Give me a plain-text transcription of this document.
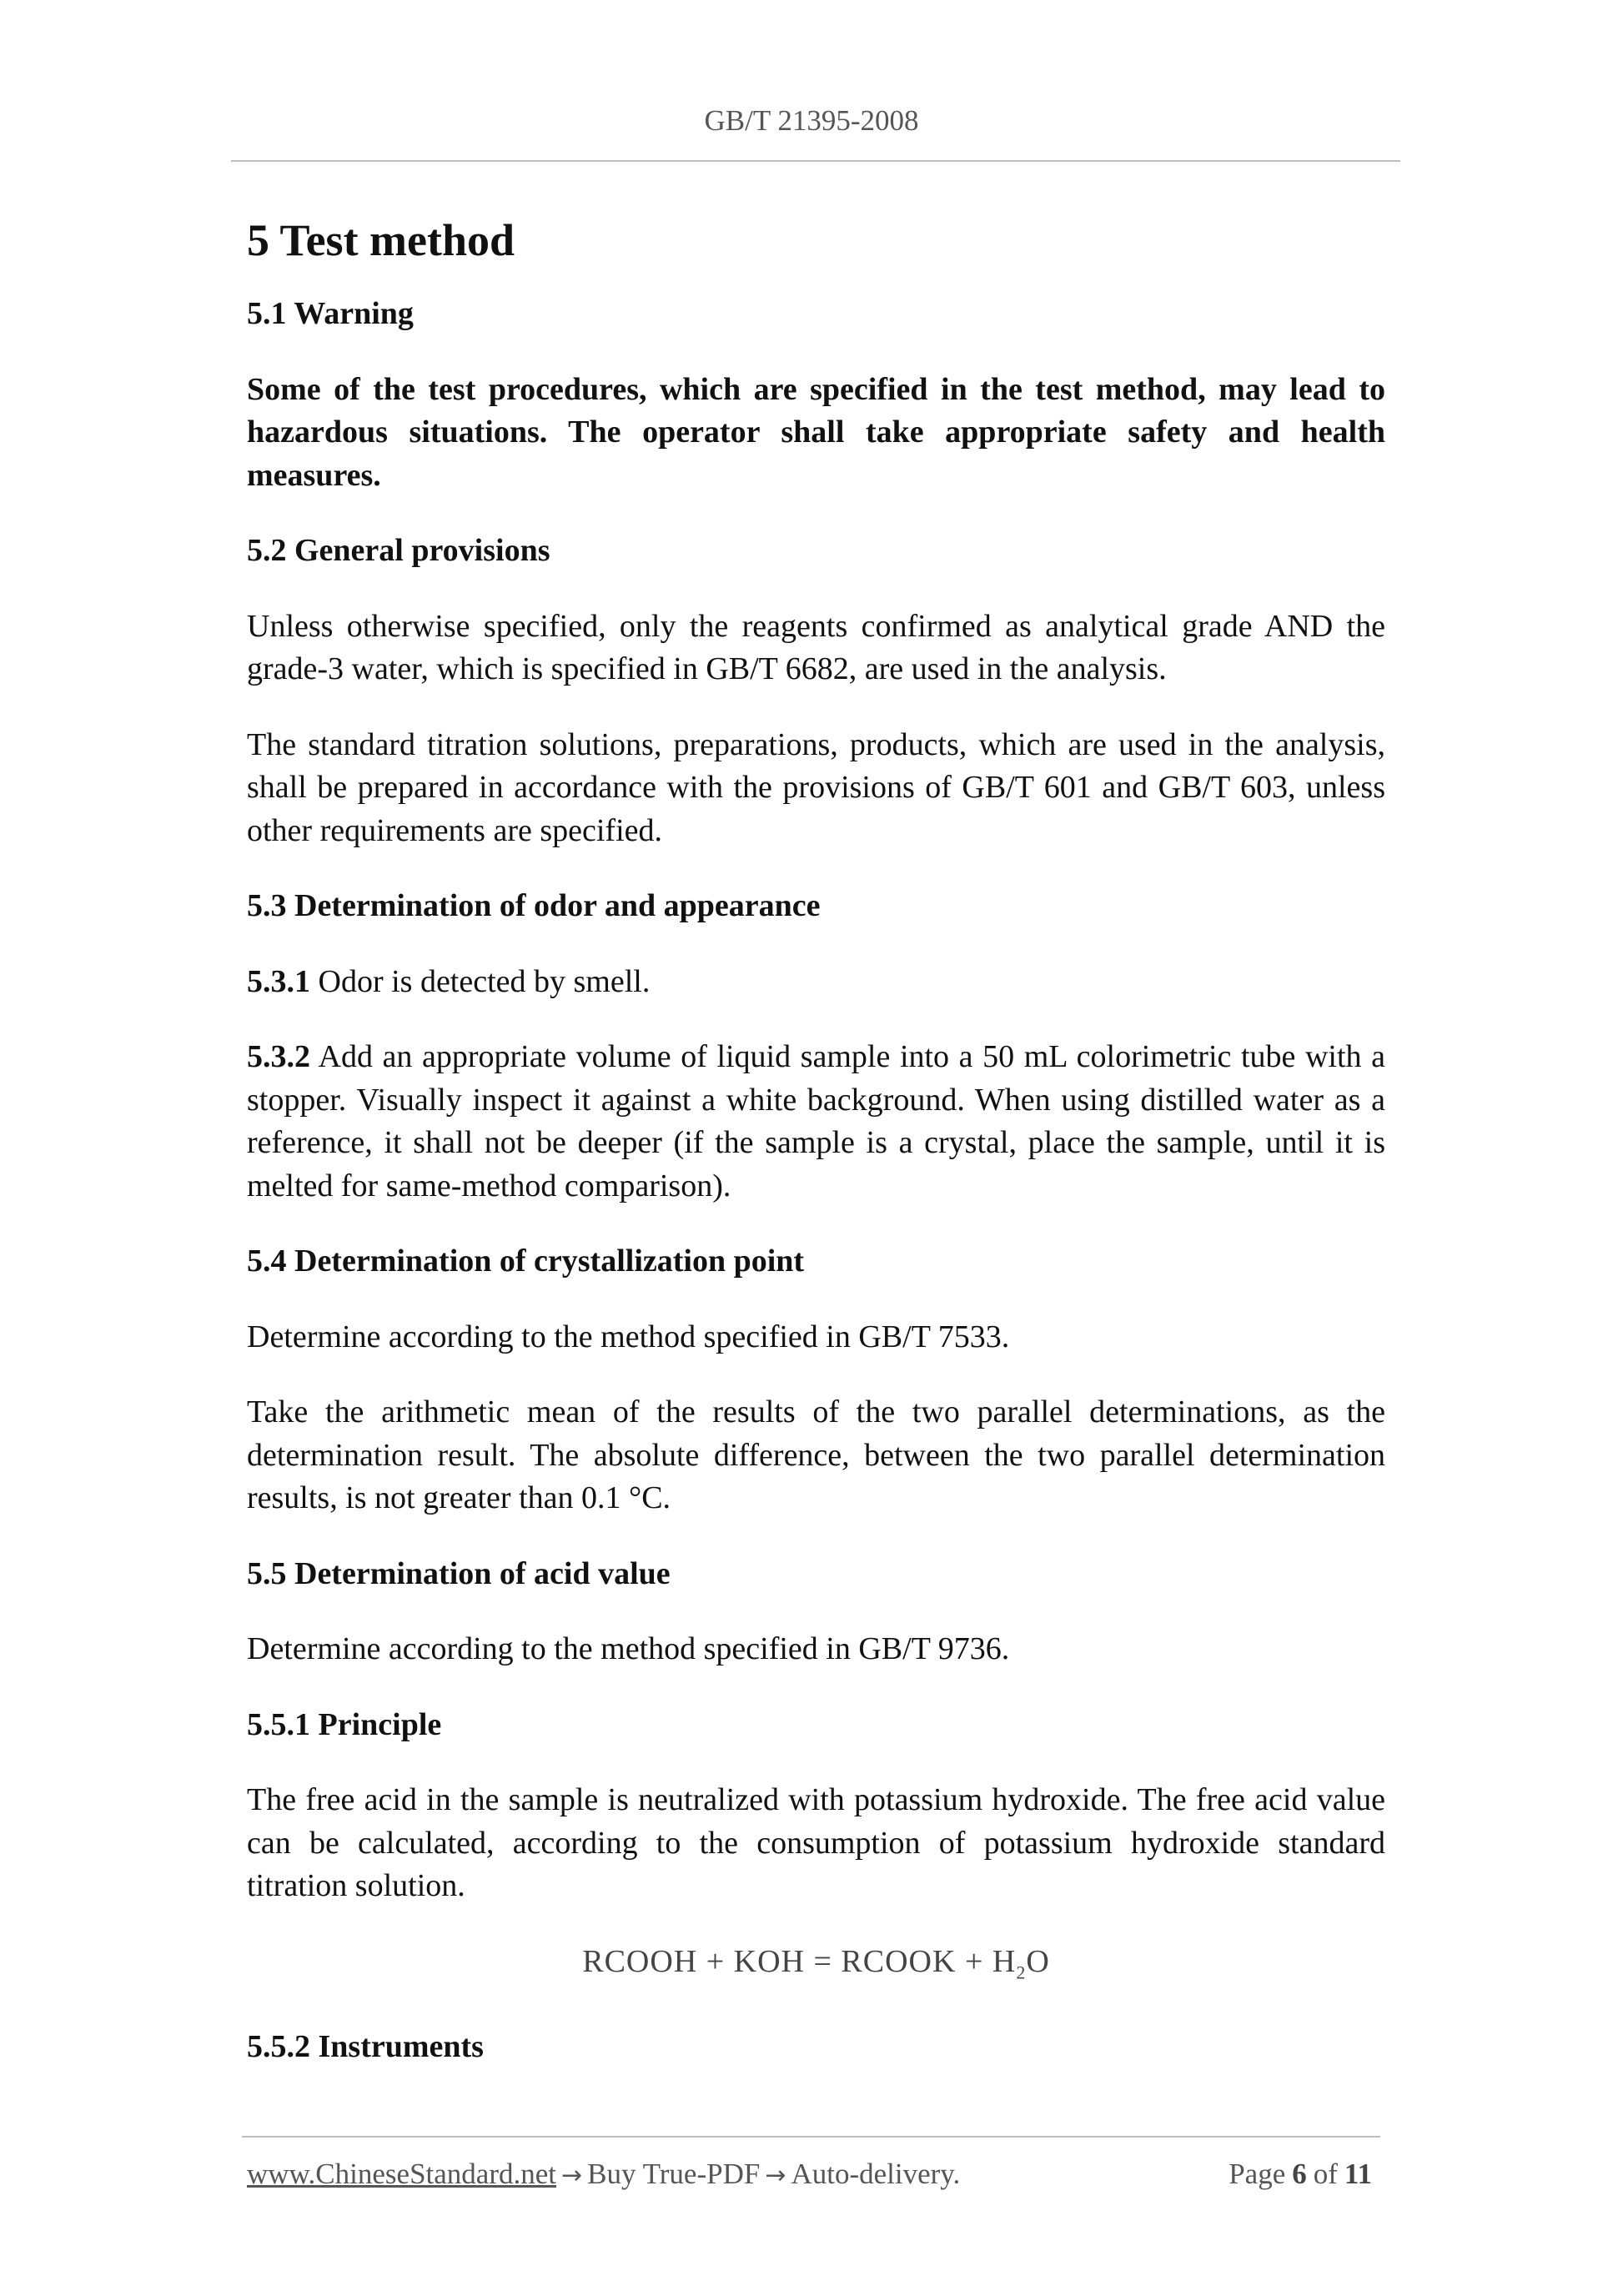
GB/T 21395-2008
5 Test method

5.1 Warning

Some of the test procedures, which are specified in the test method, may lead to hazardous situations. The operator shall take appropriate safety and health measures.

5.2 General provisions

Unless otherwise specified, only the reagents confirmed as analytical grade AND the grade-3 water, which is specified in GB/T 6682, are used in the analysis.

The standard titration solutions, preparations, products, which are used in the analysis, shall be prepared in accordance with the provisions of GB/T 601 and GB/T 603, unless other requirements are specified.

5.3 Determination of odor and appearance

5.3.1 Odor is detected by smell.

5.3.2 Add an appropriate volume of liquid sample into a 50 mL colorimetric tube with a stopper. Visually inspect it against a white background. When using distilled water as a reference, it shall not be deeper (if the sample is a crystal, place the sample, until it is melted for same-method comparison).

5.4 Determination of crystallization point

Determine according to the method specified in GB/T 7533.

Take the arithmetic mean of the results of the two parallel determinations, as the determination result. The absolute difference, between the two parallel determination results, is not greater than 0.1 °C.

5.5 Determination of acid value

Determine according to the method specified in GB/T 9736.

5.5.1 Principle

The free acid in the sample is neutralized with potassium hydroxide. The free acid value can be calculated, according to the consumption of potassium hydroxide standard titration solution.

RCOOH + KOH = RCOOK + $H_2O$

5.5.2 Instruments

www.ChineseStandard.net → Buy True-PDF → Auto-delivery.	Page 6 of 11
